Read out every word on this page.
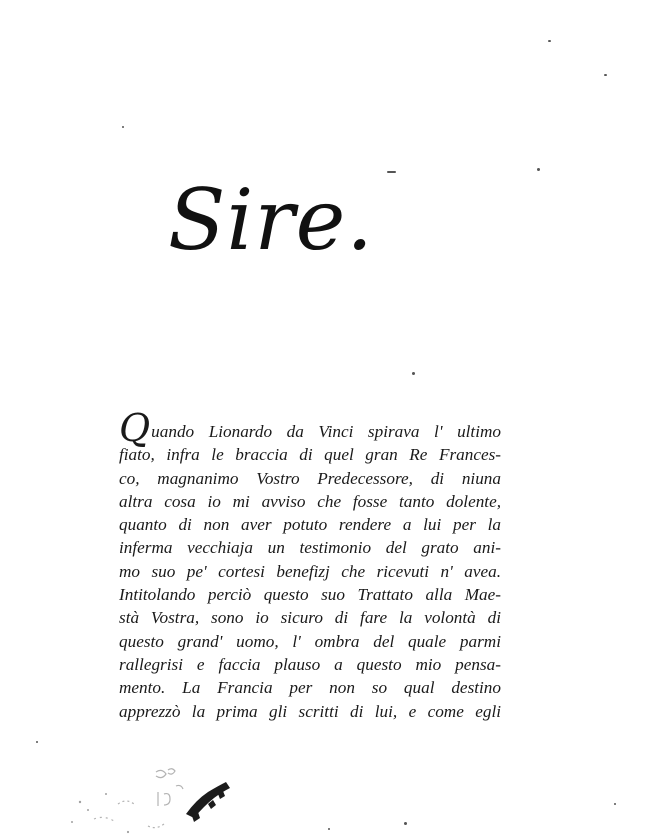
Sire.
Quando Lionardo da Vinci spirava l' ultimo
fiato, infra le braccia di quel gran Re Frances-
co, magnanimo Vostro Predecessore, di niuna
altra cosa io mi avviso che fosse tanto dolente,
quanto di non aver potuto rendere a lui per la
inferma vecchiaja un testimonio del grato ani-
mo suo pe' cortesi benefizj che ricevuti n' avea.
Intitolando perciò questo suo Trattato alla Mae-
stà Vostra, sono io sicuro di fare la volontà di
questo grand' uomo, l' ombra del quale parmi
rallegrisi e faccia plauso a questo mio pensa-
mento. La Francia per non so qual destino
apprezzò la prima gli scritti di lui, e come egli
